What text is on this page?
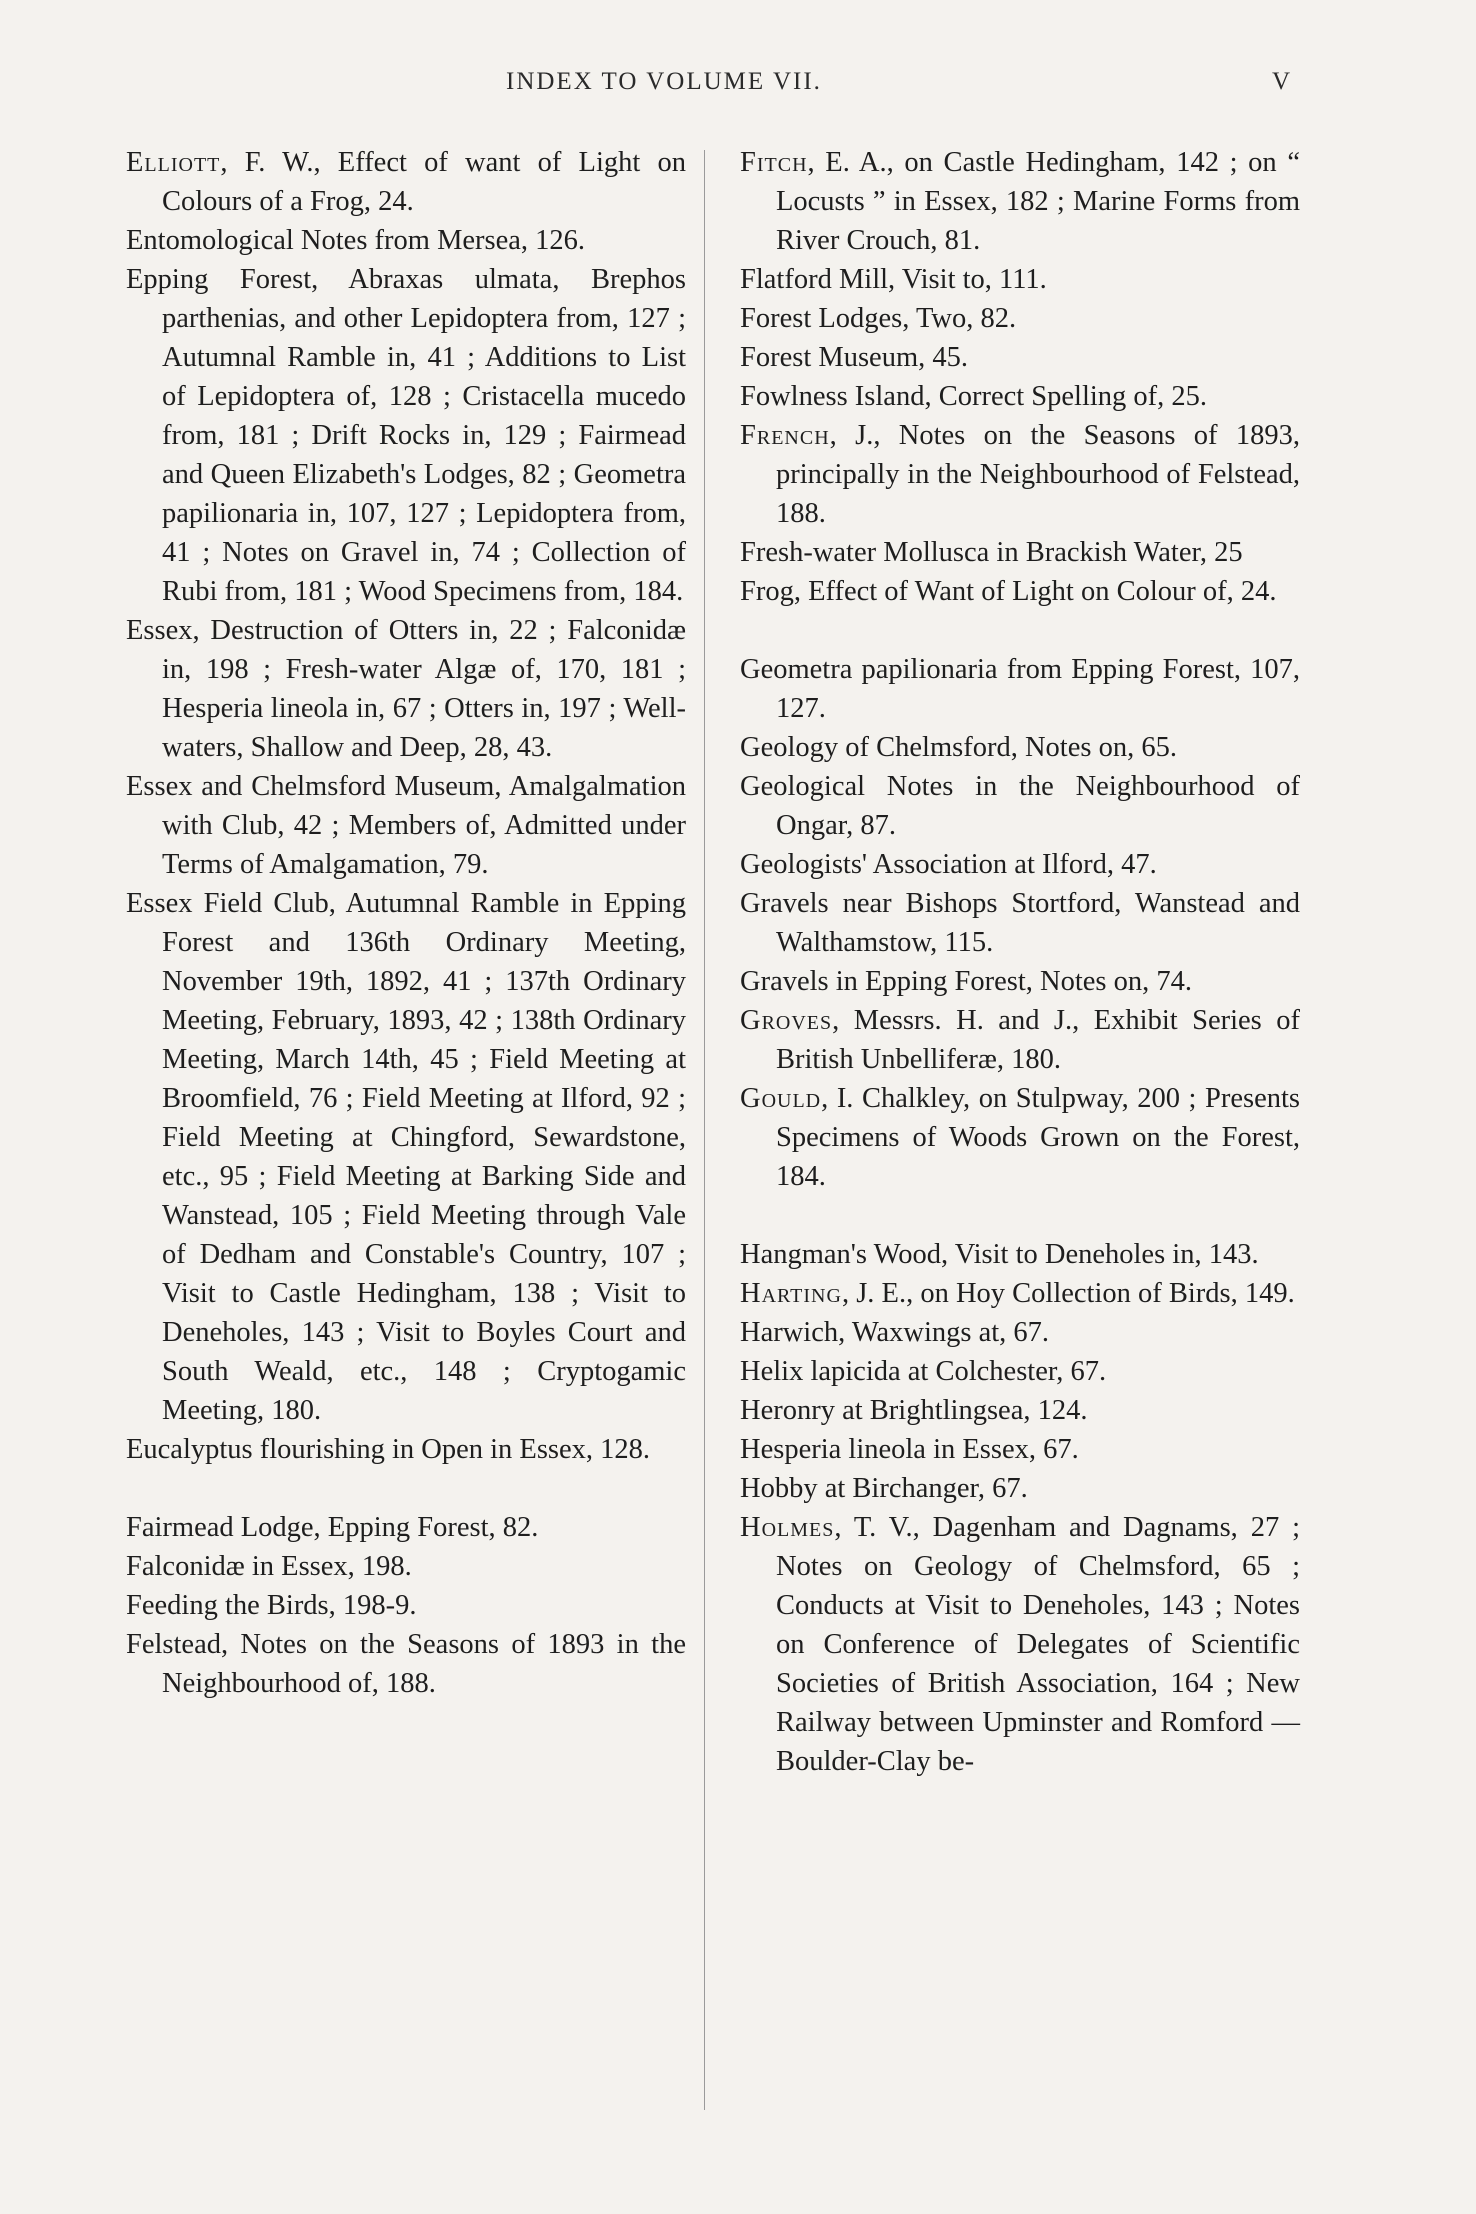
INDEX TO VOLUME VII.	V

Elliott, F. W., Effect of want of Light on Colours of a Frog, 24.

Entomological Notes from Mersea, 126.

Epping Forest, Abraxas ulmata, Brephos parthenias, and other Lepidoptera from, 127 ; Autumnal Ramble in, 41 ; Additions to List of Lepidoptera of, 128 ; Cristacella mucedo from, 181 ; Drift Rocks in, 129 ; Fairmead and Queen Elizabeth's Lodges, 82 ; Geometra papilionaria in, 107, 127 ; Lepidoptera from, 41 ; Notes on Gravel in, 74 ; Collection of Rubi from, 181 ; Wood Specimens from, 184.

Essex, Destruction of Otters in, 22 ; Falconidæ in, 198 ; Fresh-water Algæ of, 170, 181 ; Hesperia lineola in, 67 ; Otters in, 197 ; Well-waters, Shallow and Deep, 28, 43.

Essex and Chelmsford Museum, Amalgalmation with Club, 42 ; Members of, Admitted under Terms of Amalgamation, 79.

Essex Field Club, Autumnal Ramble in Epping Forest and 136th Ordinary Meeting, November 19th, 1892, 41 ; 137th Ordinary Meeting, February, 1893, 42 ; 138th Ordinary Meeting, March 14th, 45 ; Field Meeting at Broomfield, 76 ; Field Meeting at Ilford, 92 ; Field Meeting at Chingford, Sewardstone, etc., 95 ; Field Meeting at Barking Side and Wanstead, 105 ; Field Meeting through Vale of Dedham and Constable's Country, 107 ; Visit to Castle Hedingham, 138 ; Visit to Deneholes, 143 ; Visit to Boyles Court and South Weald, etc., 148 ; Cryptogamic Meeting, 180.

Eucalyptus flourishing in Open in Essex, 128.

Fairmead Lodge, Epping Forest, 82.

Falconidæ in Essex, 198.

Feeding the Birds, 198-9.

Felstead, Notes on the Seasons of 1893 in the Neighbourhood of, 188.

Fitch, E. A., on Castle Hedingham, 142 ; on “ Locusts ” in Essex, 182 ; Marine Forms from River Crouch, 81.

Flatford Mill, Visit to, 111.

Forest Lodges, Two, 82.

Forest Museum, 45.

Fowlness Island, Correct Spelling of, 25.

French, J., Notes on the Seasons of 1893, principally in the Neighbourhood of Felstead, 188.

Fresh-water Mollusca in Brackish Water, 25

Frog, Effect of Want of Light on Colour of, 24.

Geometra papilionaria from Epping Forest, 107, 127.

Geology of Chelmsford, Notes on, 65.

Geological Notes in the Neighbourhood of Ongar, 87.

Geologists' Association at Ilford, 47.

Gravels near Bishops Stortford, Wanstead and Walthamstow, 115.

Gravels in Epping Forest, Notes on, 74.

Groves, Messrs. H. and J., Exhibit Series of British Unbelliferæ, 180.

Gould, I. Chalkley, on Stulpway, 200 ; Presents Specimens of Woods Grown on the Forest, 184.

Hangman's Wood, Visit to Deneholes in, 143.

Harting, J. E., on Hoy Collection of Birds, 149.

Harwich, Waxwings at, 67.

Helix lapicida at Colchester, 67.

Heronry at Brightlingsea, 124.

Hesperia lineola in Essex, 67.

Hobby at Birchanger, 67.

Holmes, T. V., Dagenham and Dagnams, 27 ; Notes on Geology of Chelmsford, 65 ; Conducts at Visit to Deneholes, 143 ; Notes on Conference of Delegates of Scientific Societies of British Association, 164 ; New Railway between Upminster and Romford — Boulder-Clay be-
